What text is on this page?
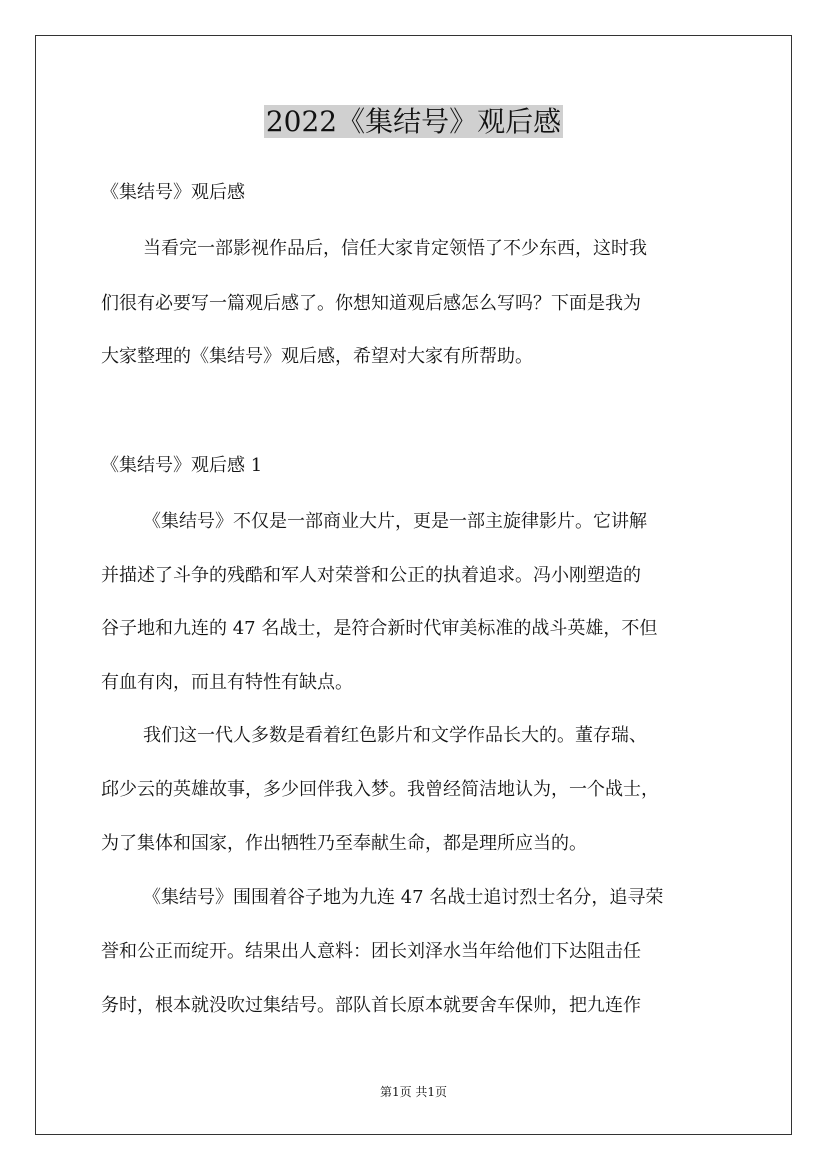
2022《集结号》观后感

《集结号》观后感

当看完一部影视作品后，信任大家肯定领悟了不少东西，这时我

们很有必要写一篇观后感了。你想知道观后感怎么写吗？下面是我为

大家整理的《集结号》观后感，希望对大家有所帮助。

《集结号》观后感 1

《集结号》不仅是一部商业大片，更是一部主旋律影片。它讲解

并描述了斗争的残酷和军人对荣誉和公正的执着追求。冯小刚塑造的

谷子地和九连的 47 名战士，是符合新时代审美标准的战斗英雄，不但

有血有肉，而且有特性有缺点。

我们这一代人多数是看着红色影片和文学作品长大的。董存瑞、

邱少云的英雄故事，多少回伴我入梦。我曾经简洁地认为，一个战士，

为了集体和国家，作出牺牲乃至奉献生命，都是理所应当的。

《集结号》围围着谷子地为九连 47 名战士追讨烈士名分，追寻荣

誉和公正而绽开。结果出人意料：团长刘泽水当年给他们下达阻击任

务时，根本就没吹过集结号。部队首长原本就要舍车保帅，把九连作

第1页 共1页
